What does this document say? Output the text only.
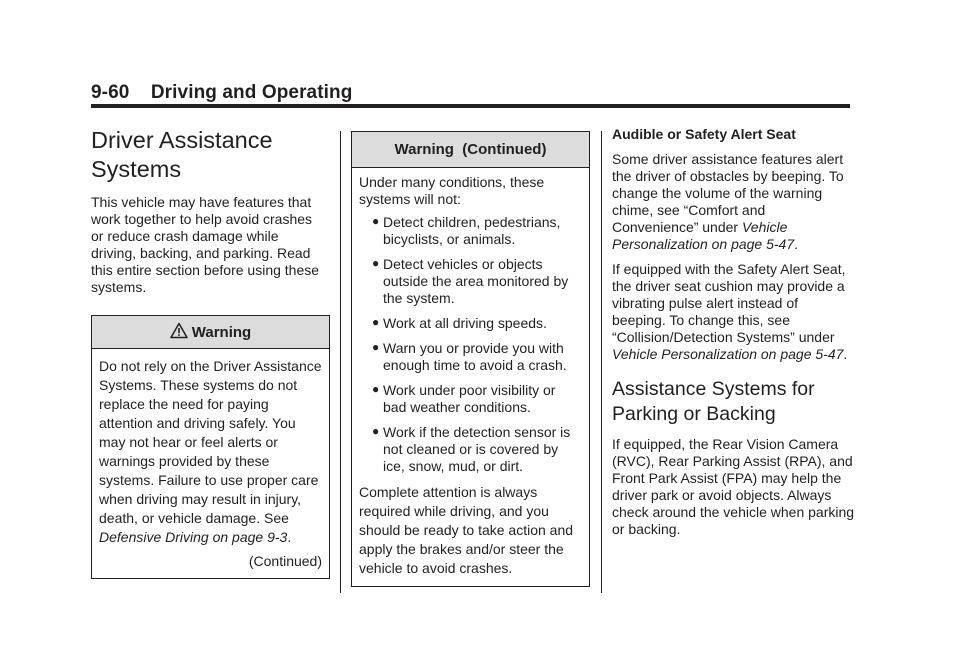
9-60 Driving and Operating
Driver Assistance Systems

This vehicle may have features that work together to help avoid crashes or reduce crash damage while driving, backing, and parking. Read this entire section before using these systems.

Warning

Do not rely on the Driver Assistance Systems. These systems do not replace the need for paying attention and driving safely. You may not hear or feel alerts or warnings provided by these systems. Failure to use proper care when driving may result in injury, death, or vehicle damage. See Defensive Driving on page 9-3.

(Continued)
Warning  (Continued)

Under many conditions, these systems will not:

● Detect children, pedestrians, bicyclists, or animals.
● Detect vehicles or objects outside the area monitored by the system.
● Work at all driving speeds.
● Warn you or provide you with enough time to avoid a crash.
● Work under poor visibility or bad weather conditions.
● Work if the detection sensor is not cleaned or is covered by ice, snow, mud, or dirt.

Complete attention is always required while driving, and you should be ready to take action and apply the brakes and/or steer the vehicle to avoid crashes.

Audible or Safety Alert Seat

Some driver assistance features alert the driver of obstacles by beeping. To change the volume of the warning chime, see “Comfort and Convenience” under Vehicle Personalization on page 5-47.

If equipped with the Safety Alert Seat, the driver seat cushion may provide a vibrating pulse alert instead of beeping. To change this, see “Collision/Detection Systems” under Vehicle Personalization on page 5-47.

Assistance Systems for Parking or Backing

If equipped, the Rear Vision Camera (RVC), Rear Parking Assist (RPA), and Front Park Assist (FPA) may help the driver park or avoid objects. Always check around the vehicle when parking or backing.
